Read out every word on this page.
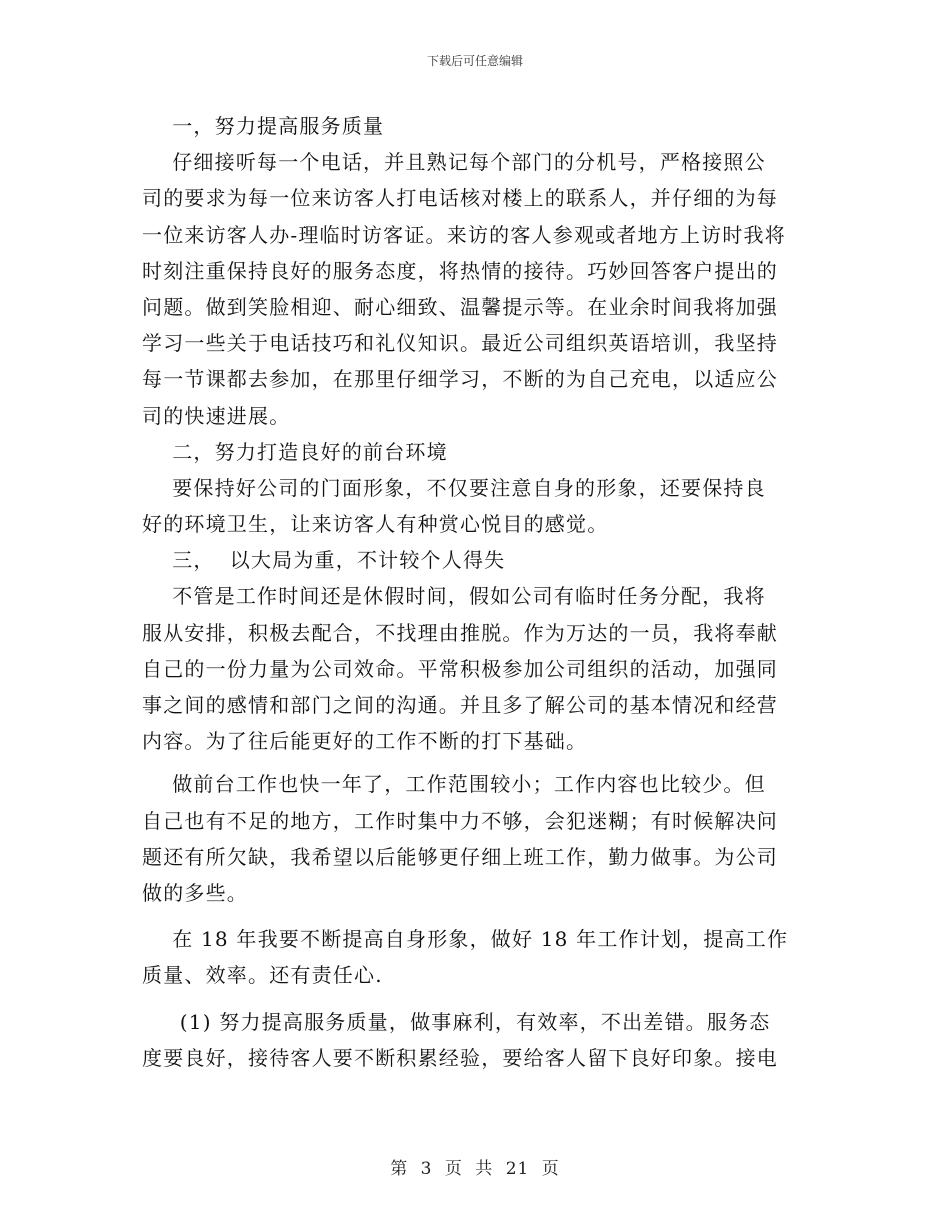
下载后可任意编辑
一，努力提高服务质量
仔细接听每一个电话，并且熟记每个部门的分机号，严格接照公
司的要求为每一位来访客人打电话核对楼上的联系人，并仔细的为每
一位来访客人办-理临时访客证。来访的客人参观或者地方上访时我将
时刻注重保持良好的服务态度，将热情的接待。巧妙回答客户提出的
问题。做到笑脸相迎、耐心细致、温馨提示等。在业余时间我将加强
学习一些关于电话技巧和礼仪知识。最近公司组织英语培训，我坚持
每一节课都去参加，在那里仔细学习，不断的为自己充电，以适应公
司的快速进展。
二，努力打造良好的前台环境
要保持好公司的门面形象，不仅要注意自身的形象，还要保持良
好的环境卫生，让来访客人有种赏心悦目的感觉。
三，  以大局为重，不计较个人得失
不管是工作时间还是休假时间，假如公司有临时任务分配，我将
服从安排，积极去配合，不找理由推脱。作为万达的一员，我将奉献
自己的一份力量为公司效命。平常积极参加公司组织的活动，加强同
事之间的感情和部门之间的沟通。并且多了解公司的基本情况和经营
内容。为了往后能更好的工作不断的打下基础。
做前台工作也快一年了，工作范围较小；工作内容也比较少。但
自己也有不足的地方，工作时集中力不够，会犯迷糊；有时候解决问
题还有所欠缺，我希望以后能够更仔细上班工作，勤力做事。为公司
做的多些。
在 18 年我要不断提高自身形象，做好 18 年工作计划，提高工作
质量、效率。还有责任心.
(1) 努力提高服务质量，做事麻利，有效率，不出差错。服务态
度要良好，接待客人要不断积累经验，要给客人留下良好印象。接电
第 3 页 共 21 页
